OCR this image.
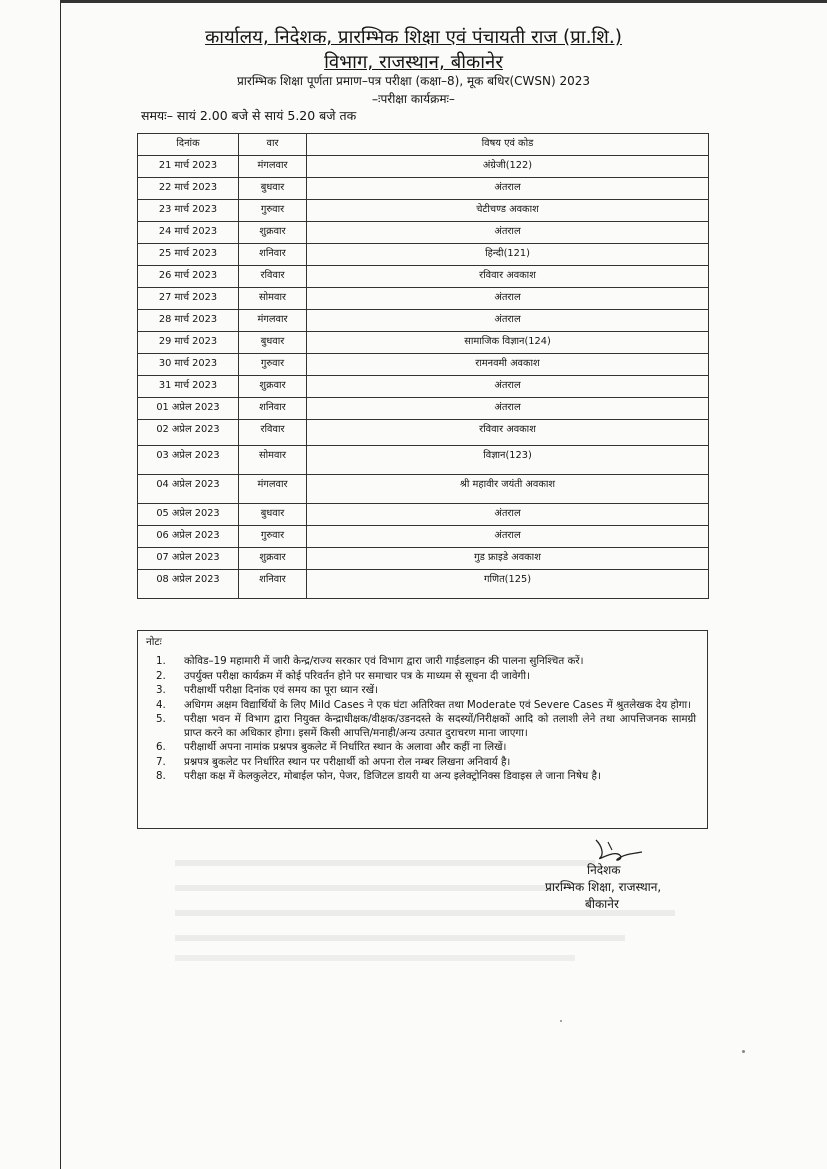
कार्यालय, निदेशक, प्रारम्भिक शिक्षा एवं पंचायती राज (प्रा.शि.)
विभाग, राजस्थान, बीकानेर
प्रारम्भिक शिक्षा पूर्णता प्रमाण–पत्र परीक्षा (कक्षा–8), मूक बधिर(CWSN) 2023
–ःपरीक्षा कार्यक्रमः–
समयः– सायं 2.00 बजे से सायं 5.20 बजे तक
दिनांक	वार	विषय एवं कोड
21 मार्च 2023	मंगलवार	अंग्रेजी(122)
22 मार्च 2023	बुधवार	अंतराल
23 मार्च 2023	गुरुवार	चेटीचण्ड अवकाश
24 मार्च 2023	शुक्रवार	अंतराल
25 मार्च 2023	शनिवार	हिन्दी(121)
26 मार्च 2023	रविवार	रविवार अवकाश
27 मार्च 2023	सोमवार	अंतराल
28 मार्च 2023	मंगलवार	अंतराल
29 मार्च 2023	बुधवार	सामाजिक विज्ञान(124)
30 मार्च 2023	गुरुवार	रामनवमी अवकाश
31 मार्च 2023	शुक्रवार	अंतराल
01 अप्रेल 2023	शनिवार	अंतराल
02 अप्रेल 2023	रविवार	रविवार अवकाश
03 अप्रेल 2023	सोमवार	विज्ञान(123)
04 अप्रेल 2023	मंगलवार	श्री महावीर जयंती अवकाश
05 अप्रेल 2023	बुधवार	अंतराल
06 अप्रेल 2023	गुरुवार	अंतराल
07 अप्रेल 2023	शुक्रवार	गुड फ्राइडे अवकाश
08 अप्रेल 2023	शनिवार	गणित(125)
नोटः
1.	कोविड–19 महामारी में जारी केन्द्र/राज्य सरकार एवं विभाग द्वारा जारी गाईडलाइन की पालना सुनिश्चित करें।
2.	उपर्युक्त परीक्षा कार्यक्रम में कोई परिवर्तन होने पर समाचार पत्र के माध्यम से सूचना दी जावेगी।
3.	परीक्षार्थी परीक्षा दिनांक एवं समय का पूरा ध्यान रखें।
4.	अधिगम अक्षम विद्यार्थियों के लिए Mild Cases ने एक घंटा अतिरिक्त तथा Moderate एवं Severe Cases में श्रुतलेखक देय होगा।
5.	परीक्षा भवन में विभाग द्वारा नियुक्त केन्द्राधीक्षक/वीक्षक/उडनदस्ते के सदस्यों/निरीक्षकों आदि को तलाशी लेने तथा आपत्तिजनक सामग्री प्राप्त करने का अधिकार होगा। इसमें किसी आपत्ति/मनाही/अन्य उत्पात दुराचरण माना जाएगा।
6.	परीक्षार्थी अपना नामांक प्रश्नपत्र बुकलेट में निर्धारित स्थान के अलावा और कहीं ना लिखें।
7.	प्रश्नपत्र बुकलेट पर निर्धारित स्थान पर परीक्षार्थी को अपना रोल नम्बर लिखना अनिवार्य है।
8.	परीक्षा कक्ष में केलकुलेटर, मोबाईल फोन, पेजर, डिजिटल डायरी या अन्य इलेक्ट्रोनिक्स डिवाइस ले जाना निषेध है।
निदेशक
प्रारम्भिक शिक्षा, राजस्थान,
बीकानेर
